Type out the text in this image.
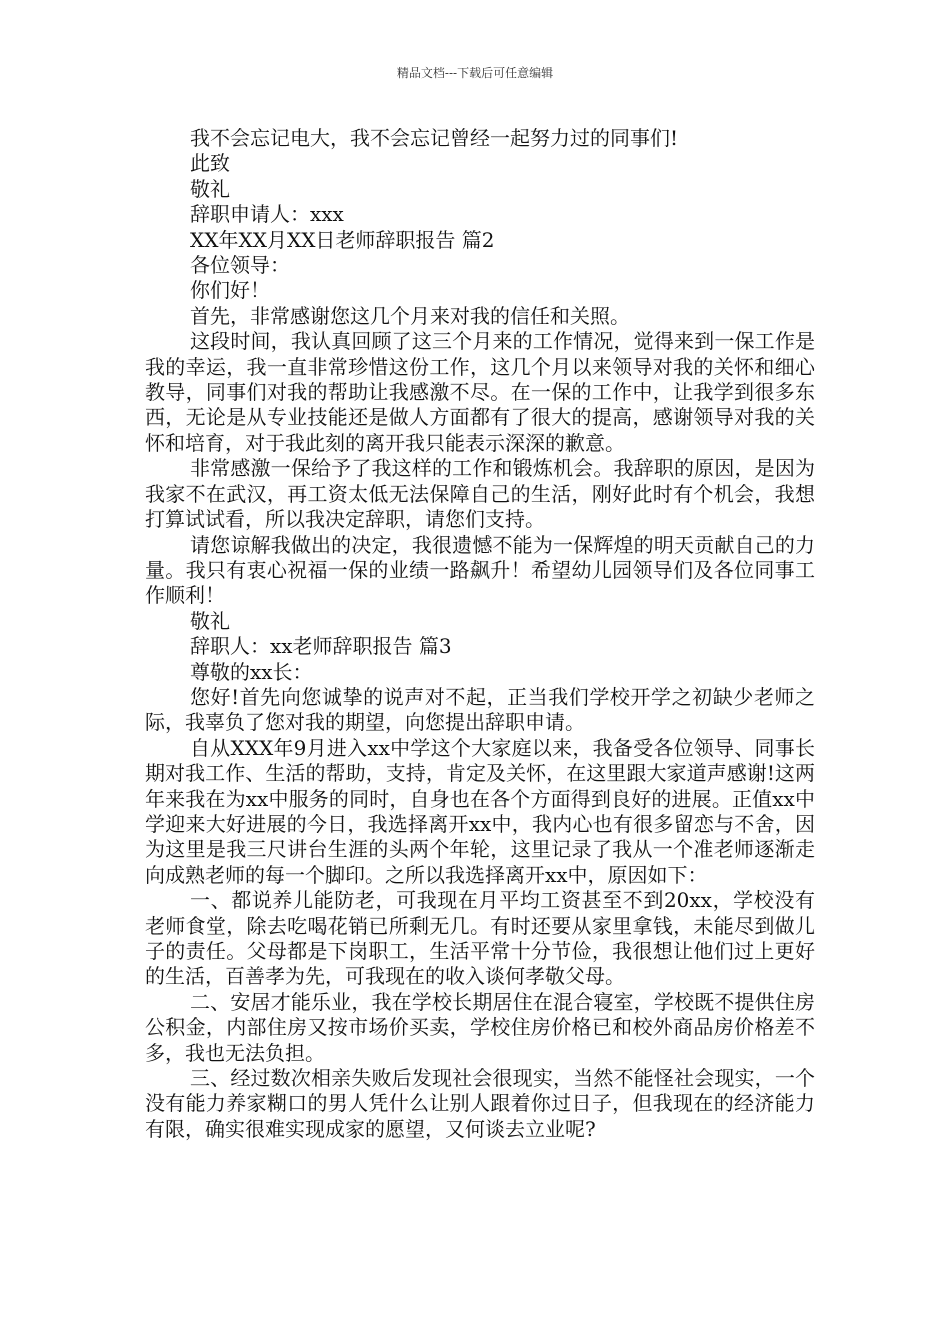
精品文档---下载后可任意编辑
我不会忘记电大，我不会忘记曾经一起努力过的同事们!
此致
敬礼
辞职申请人：xxx
XX年XX月XX日老师辞职报告 篇2
各位领导：
你们好！
首先，非常感谢您这几个月来对我的信任和关照。
这段时间，我认真回顾了这三个月来的工作情况，觉得来到一保工作是我的幸运，我一直非常珍惜这份工作，这几个月以来领导对我的关怀和细心教导，同事们对我的帮助让我感激不尽。在一保的工作中，让我学到很多东西，无论是从专业技能还是做人方面都有了很大的提高，感谢领导对我的关怀和培育，对于我此刻的离开我只能表示深深的歉意。
非常感激一保给予了我这样的工作和锻炼机会。我辞职的原因，是因为我家不在武汉，再工资太低无法保障自己的生活，刚好此时有个机会，我想打算试试看，所以我决定辞职，请您们支持。
请您谅解我做出的决定，我很遗憾不能为一保辉煌的明天贡献自己的力量。我只有衷心祝福一保的业绩一路飙升！希望幼儿园领导们及各位同事工作顺利！
敬礼
辞职人：xx老师辞职报告 篇3
尊敬的xx长：
您好!首先向您诚挚的说声对不起，正当我们学校开学之初缺少老师之际，我辜负了您对我的期望，向您提出辞职申请。
自从XXX年9月进入xx中学这个大家庭以来，我备受各位领导、同事长期对我工作、生活的帮助，支持，肯定及关怀，在这里跟大家道声感谢!这两年来我在为xx中服务的同时，自身也在各个方面得到良好的进展。正值xx中学迎来大好进展的今日，我选择离开xx中，我内心也有很多留恋与不舍，因为这里是我三尺讲台生涯的头两个年轮，这里记录了我从一个准老师逐渐走向成熟老师的每一个脚印。之所以我选择离开xx中，原因如下：
一、都说养儿能防老，可我现在月平均工资甚至不到20xx，学校没有老师食堂，除去吃喝花销已所剩无几。有时还要从家里拿钱，未能尽到做儿子的责任。父母都是下岗职工，生活平常十分节俭，我很想让他们过上更好的生活，百善孝为先，可我现在的收入谈何孝敬父母。
二、安居才能乐业，我在学校长期居住在混合寝室，学校既不提供住房公积金，内部住房又按市场价买卖，学校住房价格已和校外商品房价格差不多，我也无法负担。
三、经过数次相亲失败后发现社会很现实，当然不能怪社会现实，一个没有能力养家糊口的男人凭什么让别人跟着你过日子，但我现在的经济能力有限，确实很难实现成家的愿望，又何谈去立业呢?
